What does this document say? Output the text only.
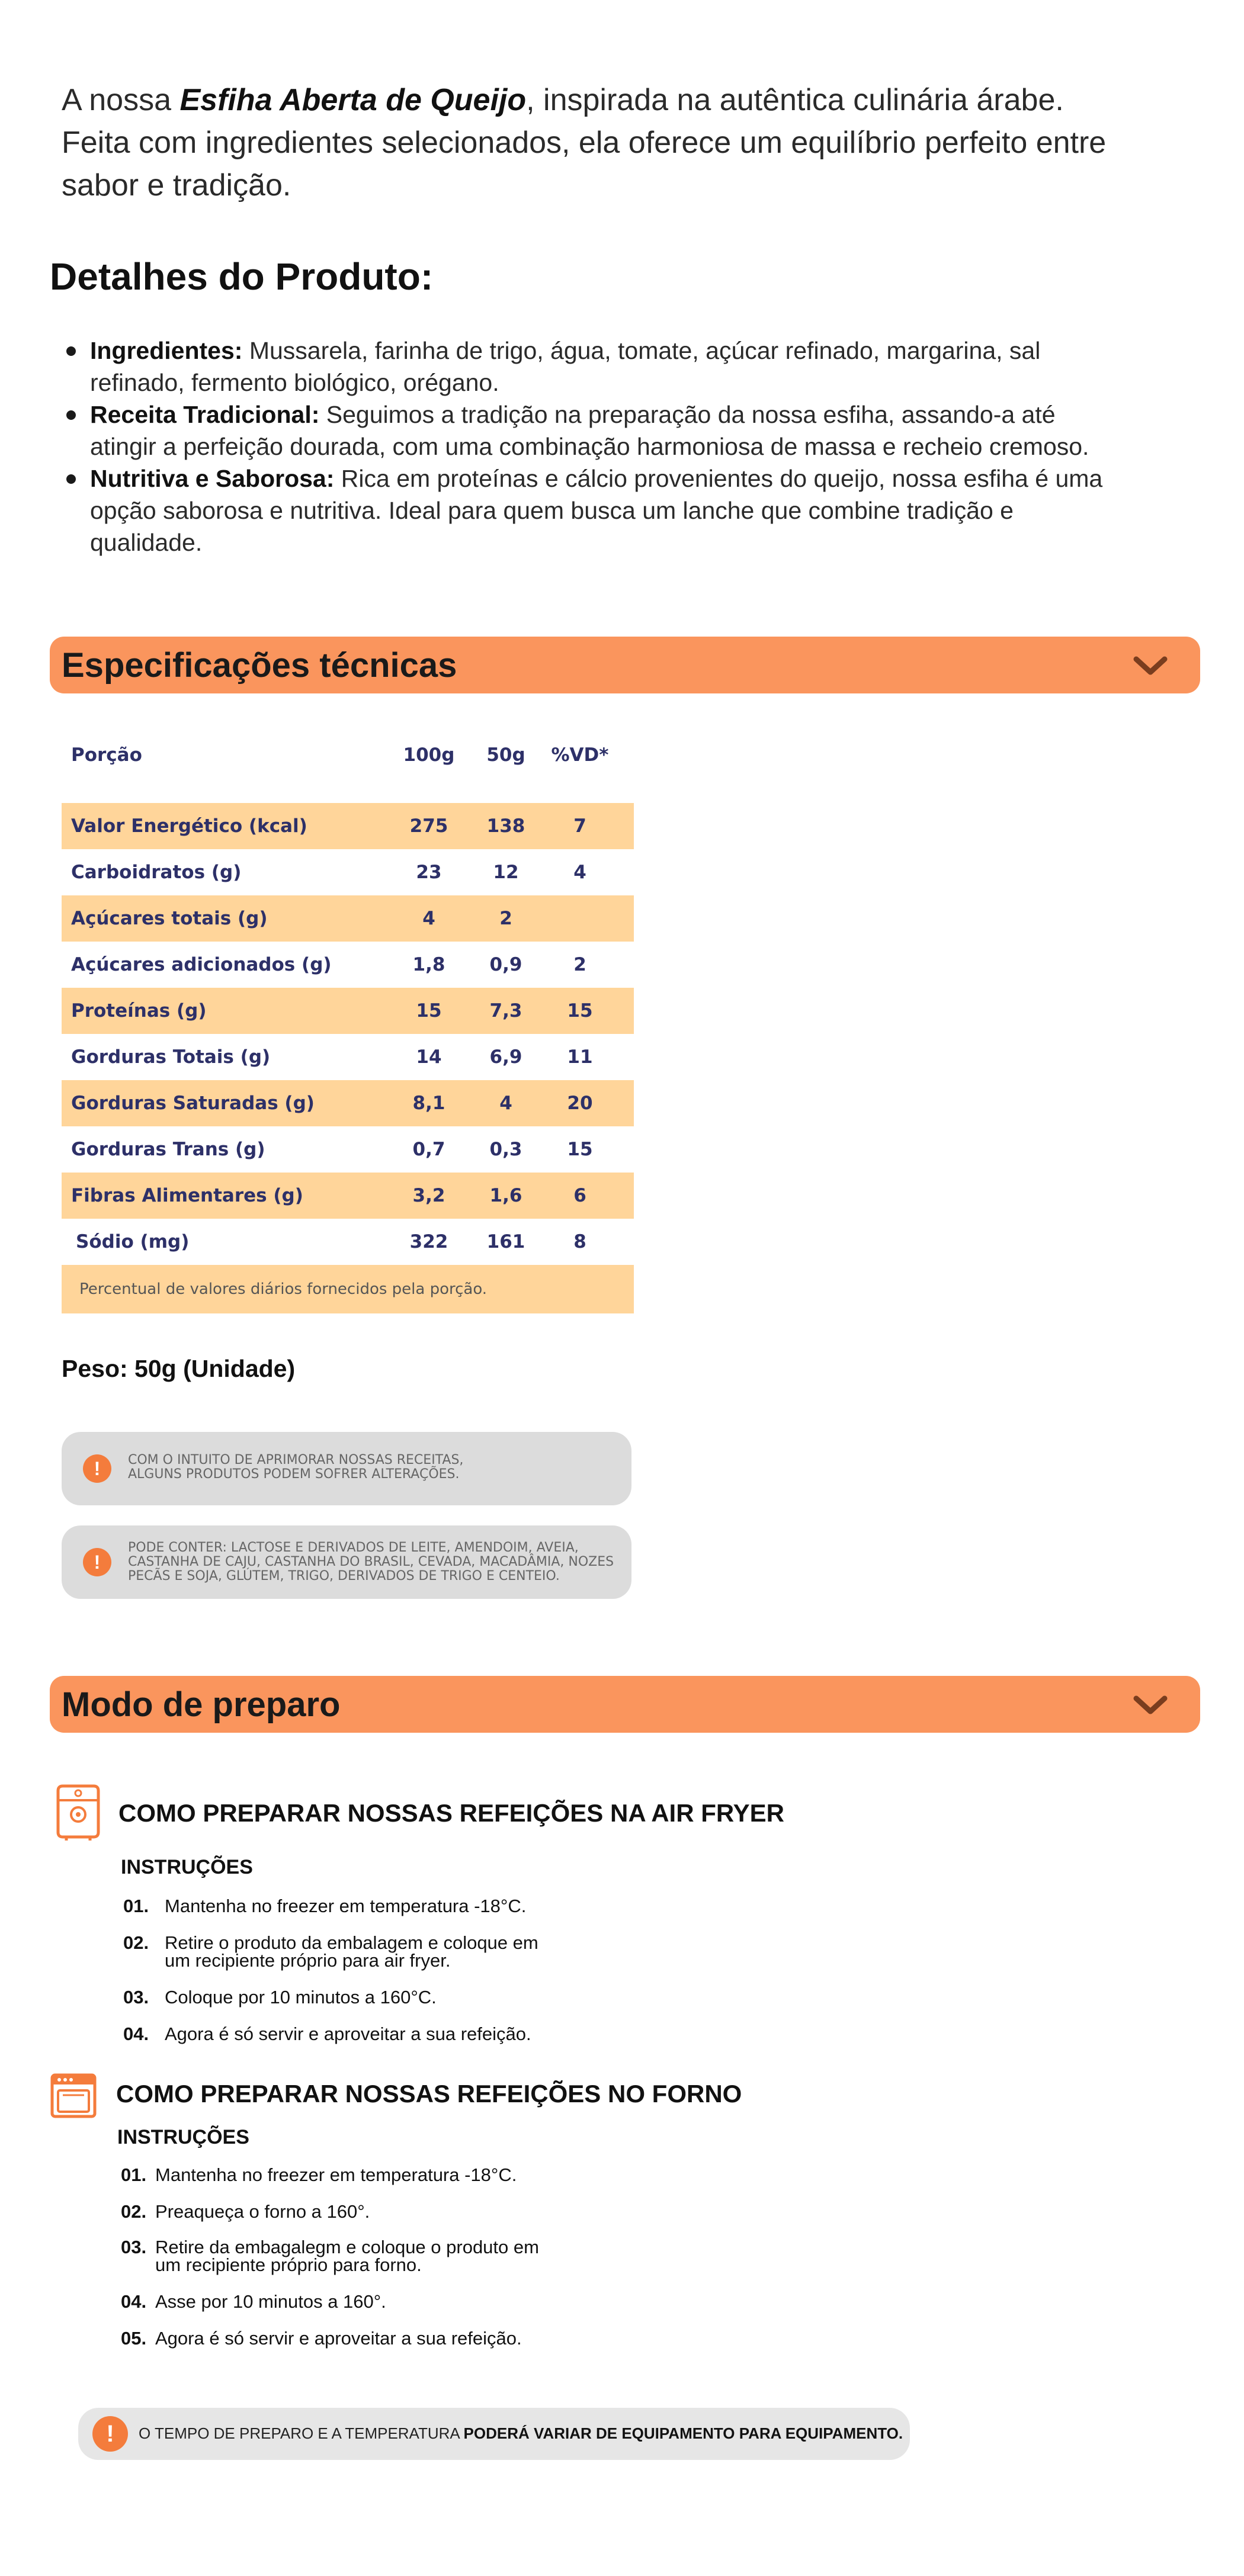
A nossa Esfiha Aberta de Queijo, inspirada na autêntica culinária árabe. Feita com ingredientes selecionados, ela oferece um equilíbrio perfeito entre sabor e tradição.

Detalhes do Produto:
Ingredientes: Mussarela, farinha de trigo, água, tomate, açúcar refinado, margarina, sal refinado, fermento biológico, orégano.
Receita Tradicional: Seguimos a tradição na preparação da nossa esfiha, assando-a até atingir a perfeição dourada, com uma combinação harmoniosa de massa e recheio cremoso.
Nutritiva e Saborosa: Rica em proteínas e cálcio provenientes do queijo, nossa esfiha é uma opção saborosa e nutritiva. Ideal para quem busca um lanche que combine tradição e qualidade.
Especificações técnicas
Porção	100g	50g	%VD*
Valor Energético (kcal)	275	138	7
Carboidratos (g)	23	12	4
Açúcares totais (g)	4	2
Açúcares adicionados (g)	1,8	0,9	2
Proteínas (g)	15	7,3	15
Gorduras Totais (g)	14	6,9	11
Gorduras Saturadas (g)	8,1	4	20
Gorduras Trans (g)	0,7	0,3	15
Fibras Alimentares (g)	3,2	1,6	6
Sódio (mg)	322	161	8
Percentual de valores diários fornecidos pela porção.
Peso: 50g (Unidade)
!	COM O INTUITO DE APRIMORAR NOSSAS RECEITAS,
ALGUNS PRODUTOS PODEM SOFRER ALTERAÇÕES.
!
PODE CONTER: LACTOSE E DERIVADOS DE LEITE, AMENDOIM, AVEIA,
CASTANHA DE CAJU, CASTANHA DO BRASIL, CEVADA, MACADÂMIA, NOZES
PECÃS E SOJA, GLÚTEM, TRIGO, DERIVADOS DE TRIGO E CENTEIO.
Modo de preparo
COMO PREPARAR NOSSAS REFEIÇÕES NA AIR FRYER
INSTRUÇÕES
01. Mantenha no freezer em temperatura -18°C.
02. Retire o produto da embalagem e coloque em
um recipiente próprio para air fryer.
03. Coloque por 10 minutos a 160°C.
04. Agora é só servir e aproveitar a sua refeição.
COMO PREPARAR NOSSAS REFEIÇÕES NO FORNO
INSTRUÇÕES
01. Mantenha no freezer em temperatura -18°C.
02. Preaqueça o forno a 160°.
03. Retire da embagalegm e coloque o produto em
um recipiente próprio para forno.
04. Asse por 10 minutos a 160°.
05. Agora é só servir e aproveitar a sua refeição.
!	O TEMPO DE PREPARO E A TEMPERATURA PODERÁ VARIAR DE EQUIPAMENTO PARA EQUIPAMENTO.
